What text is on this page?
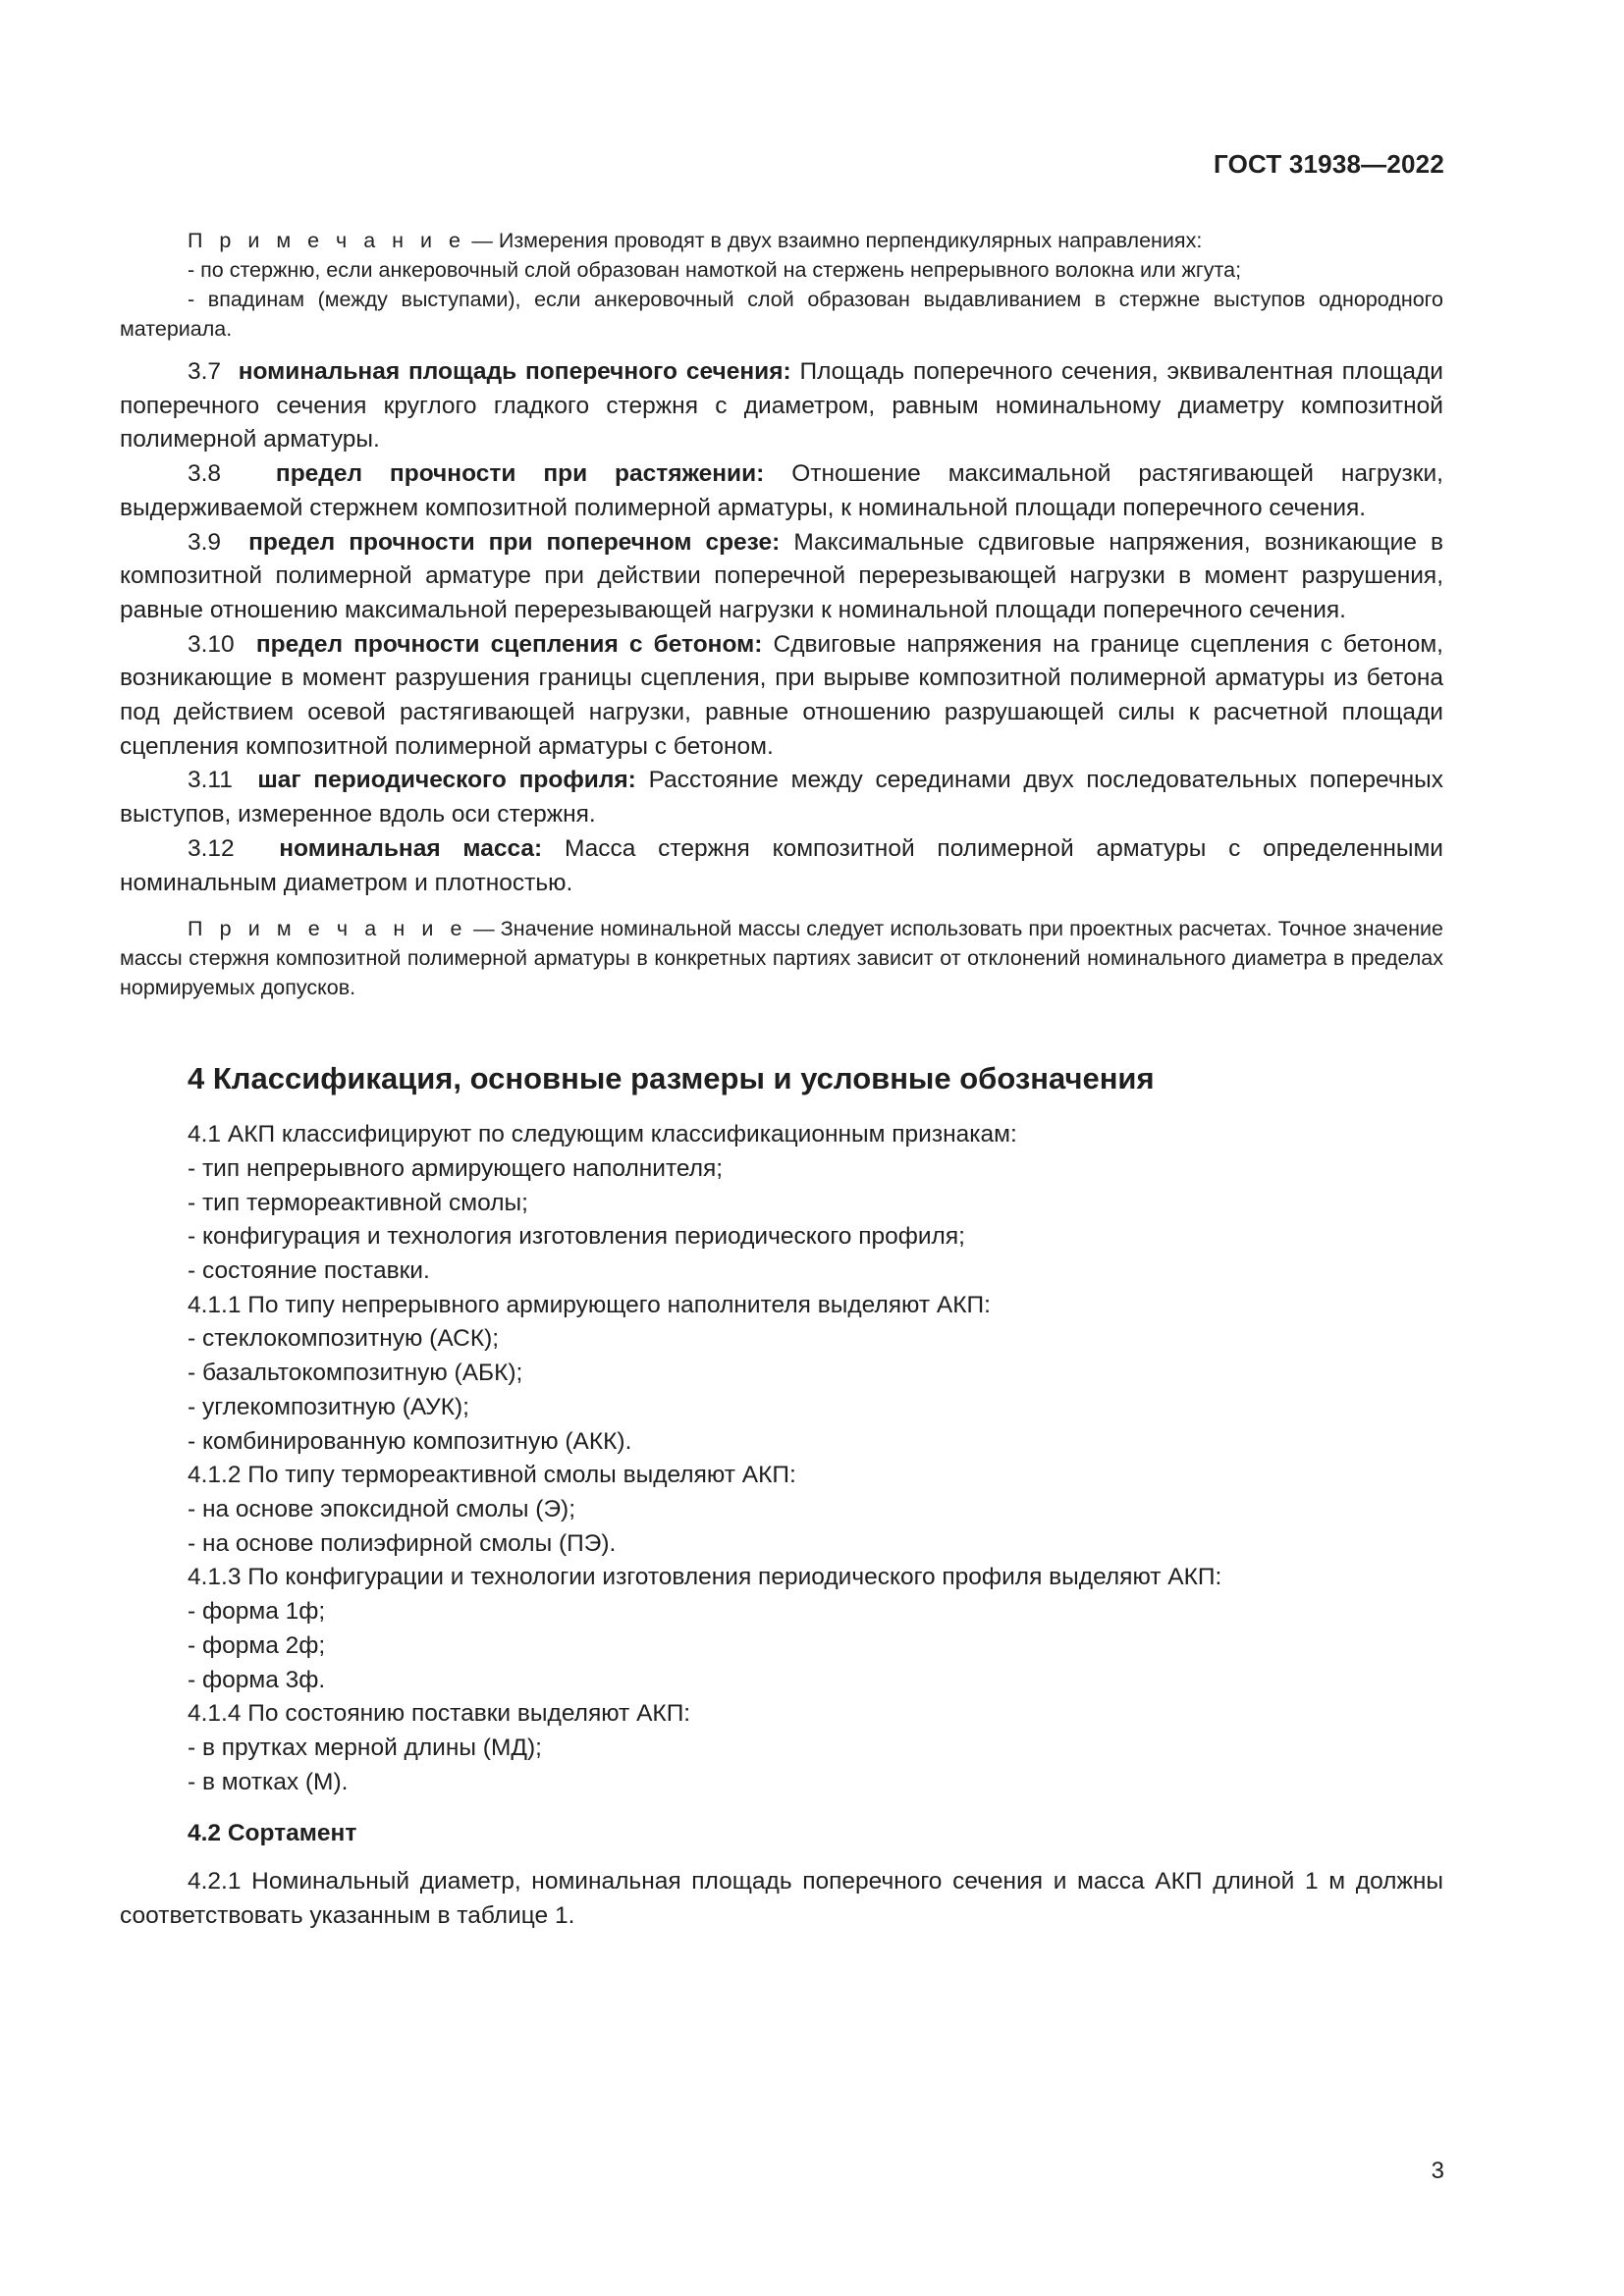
ГОСТ 31938—2022

П р и м е ч а н и е — Измерения проводят в двух взаимно перпендикулярных направлениях:

- по стержню, если анкеровочный слой образован намоткой на стержень непрерывного волокна или жгута;

- впадинам (между выступами), если анкеровочный слой образован выдавливанием в стержне выступов однородного материала.

3.7 номинальная площадь поперечного сечения: Площадь поперечного сечения, эквивалентная площади поперечного сечения круглого гладкого стержня с диаметром, равным номинальному диаметру композитной полимерной арматуры.

3.8 предел прочности при растяжении: Отношение максимальной растягивающей нагрузки, выдерживаемой стержнем композитной полимерной арматуры, к номинальной площади поперечного сечения.

3.9 предел прочности при поперечном срезе: Максимальные сдвиговые напряжения, возникающие в композитной полимерной арматуре при действии поперечной перерезывающей нагрузки в момент разрушения, равные отношению максимальной перерезывающей нагрузки к номинальной площади поперечного сечения.

3.10 предел прочности сцепления с бетоном: Сдвиговые напряжения на границе сцепления с бетоном, возникающие в момент разрушения границы сцепления, при вырыве композитной полимерной арматуры из бетона под действием осевой растягивающей нагрузки, равные отношению разрушающей силы к расчетной площади сцепления композитной полимерной арматуры с бетоном.

3.11 шаг периодического профиля: Расстояние между серединами двух последовательных поперечных выступов, измеренное вдоль оси стержня.

3.12 номинальная масса: Масса стержня композитной полимерной арматуры с определенными номинальным диаметром и плотностью.

П р и м е ч а н и е — Значение номинальной массы следует использовать при проектных расчетах. Точное значение массы стержня композитной полимерной арматуры в конкретных партиях зависит от отклонений номинального диаметра в пределах нормируемых допусков.

4 Классификация, основные размеры и условные обозначения

4.1 АКП классифицируют по следующим классификационным признакам:

- тип непрерывного армирующего наполнителя;

- тип термореактивной смолы;

- конфигурация и технология изготовления периодического профиля;

- состояние поставки.

4.1.1 По типу непрерывного армирующего наполнителя выделяют АКП:

- стеклокомпозитную (АСК);

- базальтокомпозитную (АБК);

- углекомпозитную (АУК);

- комбинированную композитную (АКК).

4.1.2 По типу термореактивной смолы выделяют АКП:

- на основе эпоксидной смолы (Э);

- на основе полиэфирной смолы (ПЭ).

4.1.3 По конфигурации и технологии изготовления периодического профиля выделяют АКП:

- форма 1ф;

- форма 2ф;

- форма 3ф.

4.1.4 По состоянию поставки выделяют АКП:

- в прутках мерной длины (МД);

- в мотках (М).

4.2 Сортамент

4.2.1 Номинальный диаметр, номинальная площадь поперечного сечения и масса АКП длиной 1 м должны соответствовать указанным в таблице 1.

3
